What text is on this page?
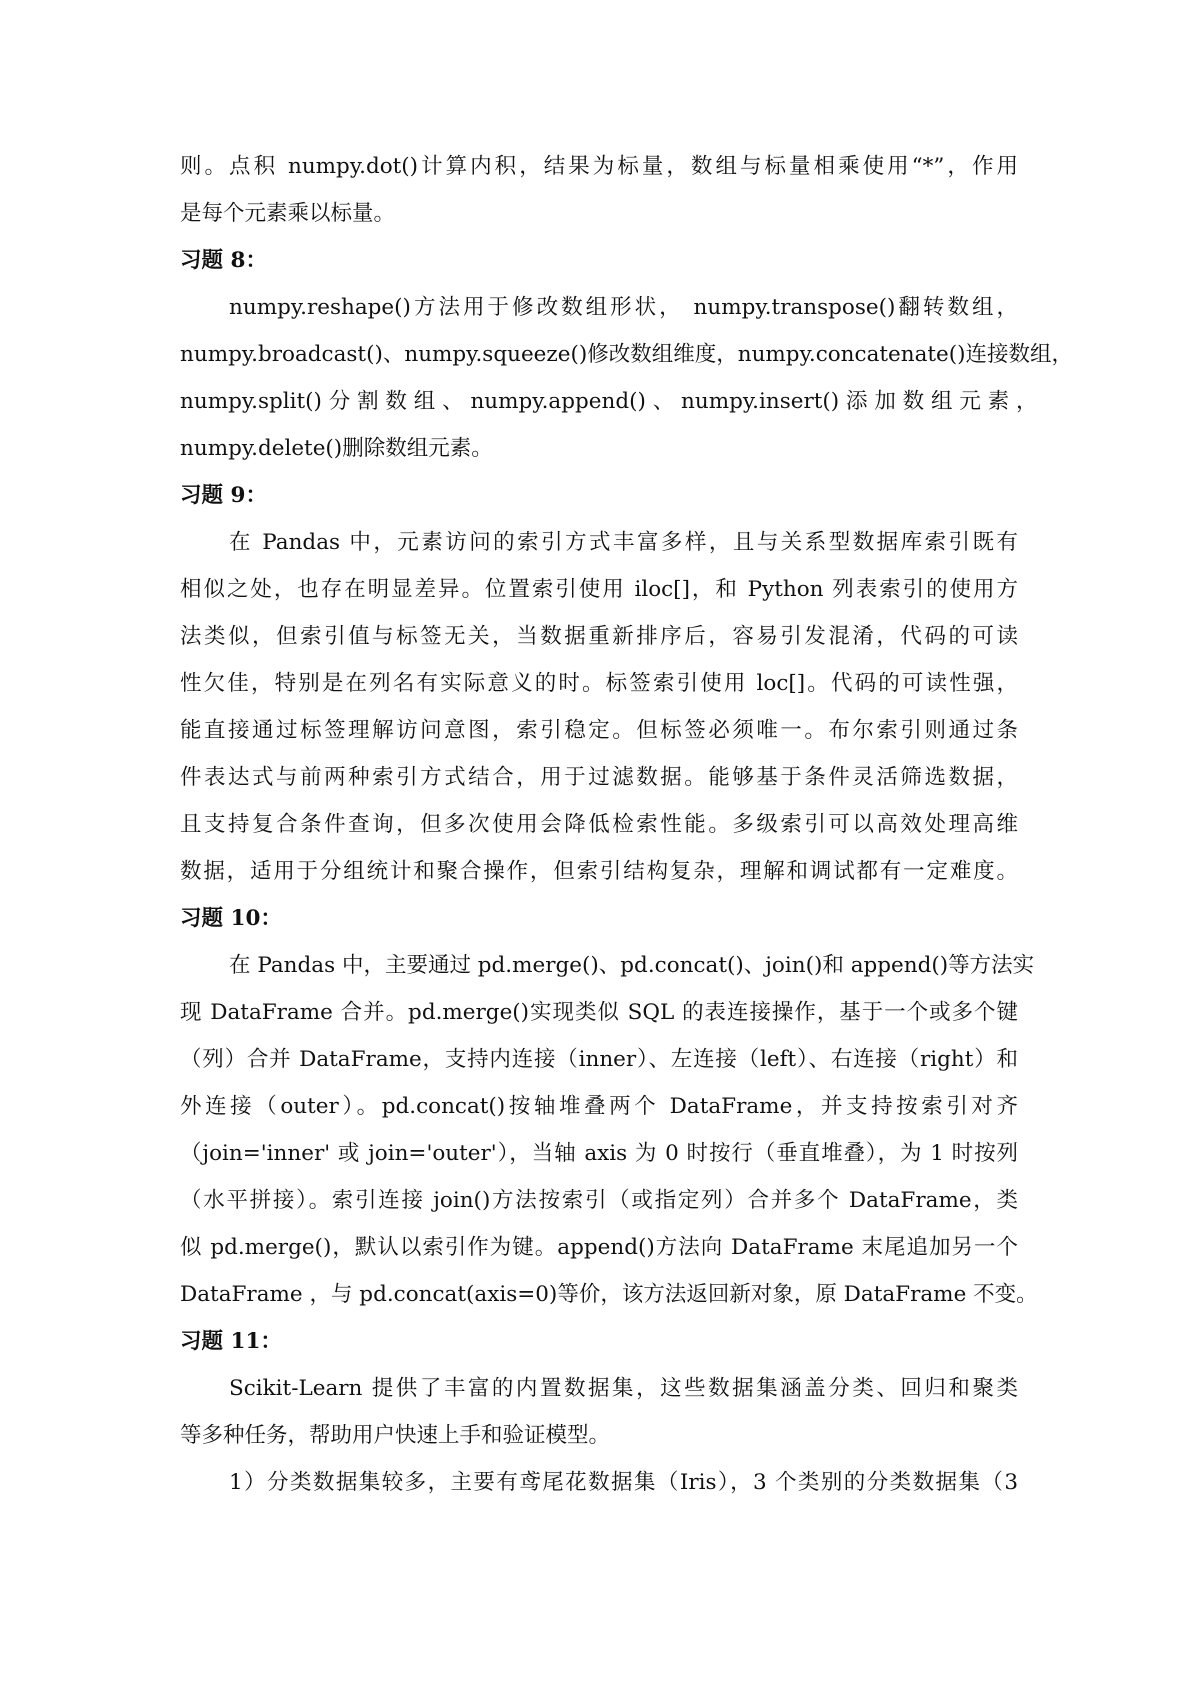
则。点积 numpy.dot()计算内积，结果为标量，数组与标量相乘使用“*”，作用
是每个元素乘以标量。
习题 8：
numpy.reshape()方法用于修改数组形状， numpy.transpose()翻转数组，
numpy.broadcast()、numpy.squeeze()修改数组维度，numpy.concatenate()连接数组，
numpy.split() 分 割 数 组 、 numpy.append() 、 numpy.insert() 添 加 数 组 元 素 ，
numpy.delete()删除数组元素。
习题 9：
在 Pandas 中，元素访问的索引方式丰富多样，且与关系型数据库索引既有
相似之处，也存在明显差异。位置索引使用 iloc[]，和 Python 列表索引的使用方
法类似，但索引值与标签无关，当数据重新排序后，容易引发混淆，代码的可读
性欠佳，特别是在列名有实际意义的时。标签索引使用 loc[]。代码的可读性强，
能直接通过标签理解访问意图，索引稳定。但标签必须唯一。布尔索引则通过条
件表达式与前两种索引方式结合，用于过滤数据。能够基于条件灵活筛选数据，
且支持复合条件查询，但多次使用会降低检索性能。多级索引可以高效处理高维
数据，适用于分组统计和聚合操作，但索引结构复杂，理解和调试都有一定难度。
习题 10：
在 Pandas 中，主要通过 pd.merge()、pd.concat()、join()和 append()等方法实
现 DataFrame 合并。pd.merge()实现类似 SQL 的表连接操作，基于一个或多个键
（列）合并 DataFrame，支持内连接（inner）、左连接（left）、右连接（right）和
外连接（outer）。pd.concat()按轴堆叠两个 DataFrame，并支持按索引对齐
（join='inner' 或 join='outer'），当轴 axis 为 0 时按行（垂直堆叠），为 1 时按列
（水平拼接）。索引连接 join()方法按索引（或指定列）合并多个 DataFrame，类
似 pd.merge()，默认以索引作为键。append()方法向 DataFrame 末尾追加另一个
DataFrame ，与 pd.concat(axis=0)等价，该方法返回新对象，原 DataFrame 不变。
习题 11：
Scikit-Learn 提供了丰富的内置数据集，这些数据集涵盖分类、回归和聚类
等多种任务，帮助用户快速上手和验证模型。
1）分类数据集较多，主要有鸢尾花数据集（Iris），3 个类别的分类数据集（3
